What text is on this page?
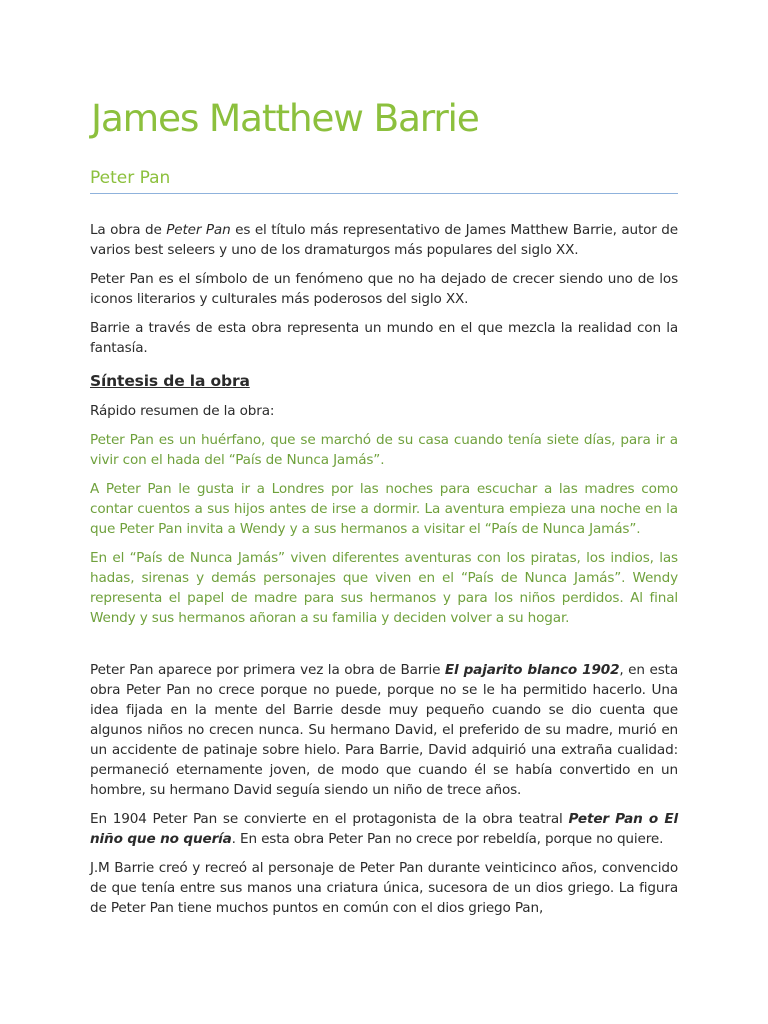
James Matthew Barrie
Peter Pan

La obra de Peter Pan es el título más representativo de James Matthew Barrie, autor de varios best seleers y uno de los dramaturgos más populares del siglo XX.

Peter Pan es el símbolo de un fenómeno que no ha dejado de crecer siendo uno de los iconos literarios y culturales más poderosos del siglo XX.

Barrie a través de esta obra representa un mundo en el que mezcla la realidad con la fantasía.

Síntesis de la obra

Rápido resumen de la obra:

Peter Pan es un huérfano, que se marchó de su casa cuando tenía siete días, para ir a vivir con el hada del “País de Nunca Jamás”.

A Peter Pan le gusta ir a Londres por las noches para escuchar a las madres como contar cuentos a sus hijos antes de irse a dormir. La aventura empieza una noche en la que Peter Pan invita a Wendy y a sus hermanos a visitar el “País de Nunca Jamás”.

En el “País de Nunca Jamás” viven diferentes aventuras con los piratas, los indios, las hadas, sirenas y demás personajes que viven en el “País de Nunca Jamás”. Wendy representa el papel de madre para sus hermanos y para los niños perdidos. Al final Wendy y sus hermanos añoran a su familia y deciden volver a su hogar.

Peter Pan aparece por primera vez la obra de Barrie El pajarito blanco 1902, en esta obra Peter Pan no crece porque no puede, porque no se le ha permitido hacerlo. Una idea fijada en la mente del Barrie desde muy pequeño cuando se dio cuenta que algunos niños no crecen nunca. Su hermano David, el preferido de su madre, murió en un accidente de patinaje sobre hielo. Para Barrie, David adquirió una extraña cualidad: permaneció eternamente joven, de modo que cuando él se había convertido en un hombre, su hermano David seguía siendo un niño de trece años.

En 1904 Peter Pan se convierte en el protagonista de la obra teatral Peter Pan o El niño que no quería. En esta obra Peter Pan no crece por rebeldía, porque no quiere.

J.M Barrie creó y recreó al personaje de Peter Pan durante veinticinco años, convencido de que tenía entre sus manos una criatura única, sucesora de un dios griego. La figura de Peter Pan tiene muchos puntos en común con el dios griego Pan,
